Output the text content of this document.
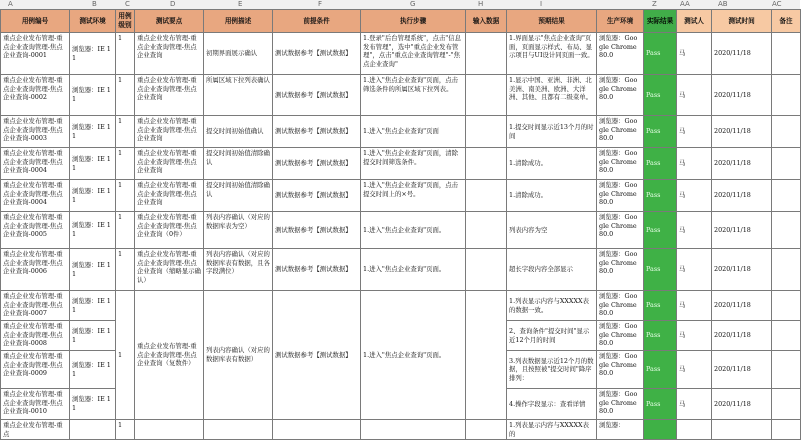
A	B	C	D	E	F	G	H	I	Z	AA	AB	AC
用例编号	测试环境	用例级别	测试要点	用例描述	前提条件	执行步骤	输入数据	预期结果	生产环境	实际结果	测试人	测试时间	备注
重点企业发布管理-重点企业查询管理-焦点企业查询-0001	浏览器：IE 11	1	重点企业发布管理-重点企业查询管理-焦点企业查询	初期界面展示确认	测试数据参考【测试数据】	1.登录"后台管理系统"，点击"信息发布管理"，选中"重点企业发布管理"，点击"重点企业查询管理"-"焦点企业查询"		1.界面显示"焦点企业查询"页面，页面显示样式、布局、显示项目与UI设计同页面一致。	浏览器：Google Chrome 80.0	Pass	马	2020/11/18	
重点企业发布管理-重点企业查询管理-焦点企业查询-0002	浏览器：IE 11	1	重点企业发布管理-重点企业查询管理-焦点企业查询	所属区域下拉列表确认	测试数据参考【测试数据】	1.进入"焦点企业查询"页面，点击筛选条件的所属区域下拉列表。		1.显示中国、亚洲、非洲、北美洲、南美洲、欧洲、大洋洲、其他、且都有二级菜单。	浏览器：Google Chrome 80.0	Pass	马	2020/11/18	
重点企业发布管理-重点企业查询管理-焦点企业查询-0003	浏览器：IE 11	1	重点企业发布管理-重点企业查询管理-焦点企业查询	提交时间初始值确认	测试数据参考【测试数据】	1.进入"焦点企业查询"页面		1.提交时间显示近13个月的时间	浏览器：Google Chrome 80.0	Pass	马	2020/11/18	
重点企业发布管理-重点企业查询管理-焦点企业查询-0004	浏览器：IE 11	1	重点企业发布管理-重点企业查询管理-焦点企业查询	提交时间初始值清除确认	测试数据参考【测试数据】	1.进入"焦点企业查询"页面，清除提交时间筛选条件。		1.清除成功。	浏览器：Google Chrome 80.0	Pass	马	2020/11/18	
重点企业发布管理-重点企业查询管理-焦点企业查询-0004	浏览器：IE 11	1	重点企业发布管理-重点企业查询管理-焦点企业查询	提交时间初始值清除确认	测试数据参考【测试数据】	1.进入"焦点企业查询"页面，点击提交时间上的×号。		1.清除成功。	浏览器：Google Chrome 80.0	Pass	马	2020/11/18	
重点企业发布管理-重点企业查询管理-焦点企业查询-0005	浏览器：IE 11	1	重点企业发布管理-重点企业查询管理-焦点企业查询（0件）	列表内容确认（对应的数据库表为空）	测试数据参考【测试数据】	1.进入"焦点企业查询"页面。		列表内容为空	浏览器：Google Chrome 80.0	Pass	马	2020/11/18	
重点企业发布管理-重点企业查询管理-焦点企业查询-0006	浏览器：IE 11	1	重点企业发布管理-重点企业查询管理-焦点企业查询（缩略显示确认）	列表内容确认（对应的数据库表有数据，且各字段满位）	测试数据参考【测试数据】	1.进入"焦点企业查询"页面。		超长字段内容全部显示	浏览器：Google Chrome 80.0	Pass	马	2020/11/18	
重点企业发布管理-重点企业查询管理-焦点企业查询-0007	浏览器：IE 11	1	重点企业发布管理-重点企业查询管理-焦点企业查询（复数件）	列表内容确认（对应的数据库表有数据）	测试数据参考【测试数据】	1.进入"焦点企业查询"页面。		1.列表显示内容与XXXXX表的数据一致。	浏览器：Google Chrome 80.0	Pass	马	2020/11/18	
重点企业发布管理-重点企业查询管理-焦点企业查询-0008	浏览器：IE 11							2、查询条件"提交时间"显示近12个月的时间	浏览器：Google Chrome 80.0	Pass	马	2020/11/18	
重点企业发布管理-重点企业查询管理-焦点企业查询-0009	浏览器：IE 11							3.列表数据显示近12个月的数据，且按照被"提交时间"降序排列：	浏览器：Google Chrome 80.0	Pass	马	2020/11/18	
重点企业发布管理-重点企业查询管理-焦点企业查询-0010	浏览器：IE 11							4.操作字段显示：查看详情	浏览器：Google Chrome 80.0	Pass	马	2020/11/18	
重点企业发布管理-重点		1						1.列表显示内容与XXXXX表的	浏览器：				
